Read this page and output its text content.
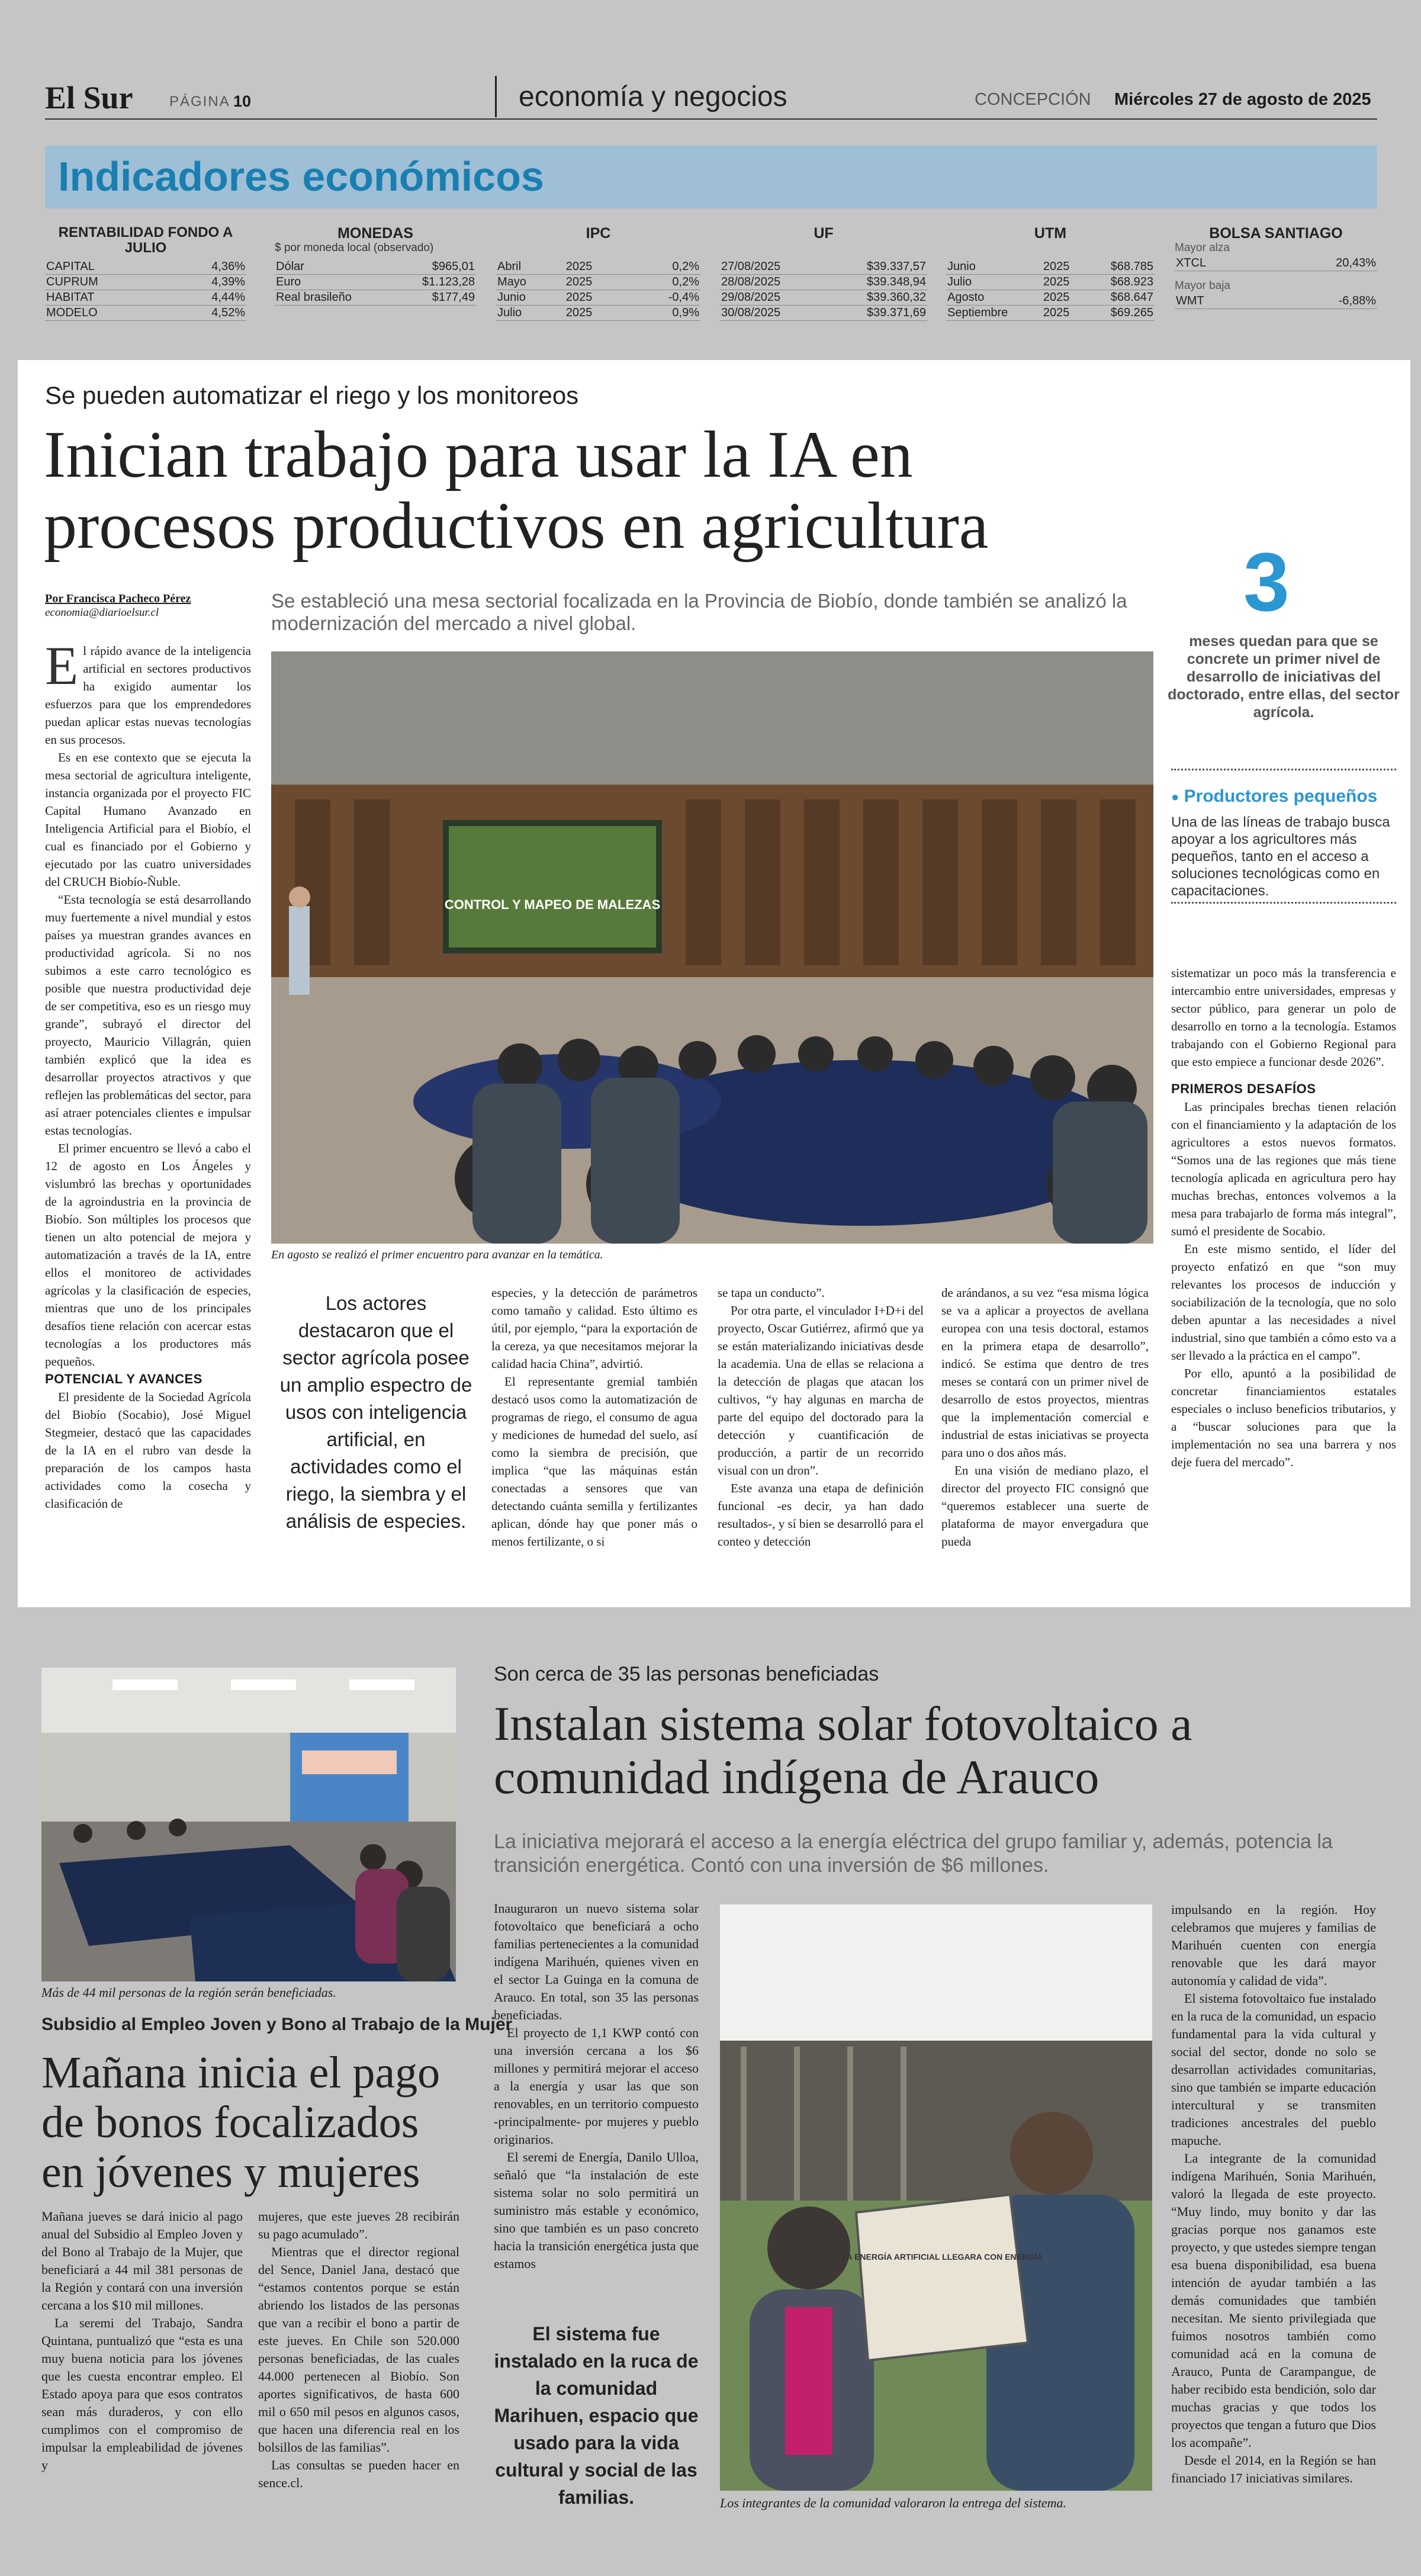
El Sur	PÁGINA 10	economía y negocios	CONCEPCIÓN Miércoles 27 de agosto de 2025
Indicadores económicos
RENTABILIDAD FONDO A JULIO
CAPITAL	4,36%
CUPRUM	4,39%
HABITAT	4,44%
MODELO	4,52%
MONEDAS
$ por moneda local (observado)
Dólar	$965,01
Euro	$1.123,28
Real brasileño	$177,49
IPC
Abril	2025	0,2%
Mayo	2025	0,2%
Junio	2025	-0,4%
Julio	2025	0,9%
UF
27/08/2025	$39.337,57
28/08/2025	$39.348,94
29/08/2025	$39.360,32
30/08/2025	$39.371,69
UTM
Junio	2025	$68.785
Julio	2025	$68.923
Agosto	2025	$68.647
Septiembre	2025	$69.265
BOLSA SANTIAGO
Mayor alza
XTCL	20,43%
Mayor baja
WMT	-6,88%
Se pueden automatizar el riego y los monitoreos
Inician trabajo para usar la IA en
procesos productivos en agricultura
Por Francisca Pacheco Pérez
economia@diarioelsur.cl
Se estableció una mesa sectorial focalizada en la Provincia de Biobío, donde también se analizó la modernización del mercado a nivel global.	3
meses quedan para que se concrete un primer nivel de desarrollo de iniciativas del doctorado, entre ellas, del sector agrícola.
● Productores pequeños
Una de las líneas de trabajo busca apoyar a los agricultores más pequeños, tanto en el acceso a soluciones tecnológicas como en capacitaciones.
CONTROL Y MAPEO DE MALEZAS
En agosto se realizó el primer encuentro para avanzar en la temática.

El rápido avance de la inteligencia artificial en sectores productivos ha exigido aumentar los esfuerzos para que los emprendedores puedan aplicar estas nuevas tecnologías en sus procesos.

Es en ese contexto que se ejecuta la mesa sectorial de agricultura inteligente, instancia organizada por el proyecto FIC Capital Humano Avanzado en Inteligencia Artificial para el Biobío, el cual es financiado por el Gobierno y ejecutado por las cuatro universidades del CRUCH Biobío-Ñuble.

“Esta tecnología se está desarrollando muy fuertemente a nivel mundial y estos países ya muestran grandes avances en productividad agrícola. Si no nos subimos a este carro tecnológico es posible que nuestra productividad deje de ser competitiva, eso es un riesgo muy grande”, subrayó el director del proyecto, Mauricio Villagrán, quien también explicó que la idea es desarrollar proyectos atractivos y que reflejen las problemáticas del sector, para así atraer potenciales clientes e impulsar estas tecnologías.

El primer encuentro se llevó a cabo el 12 de agosto en Los Ángeles y vislumbró las brechas y oportunidades de la agroindustria en la provincia de Biobío. Son múltiples los procesos que tienen un alto potencial de mejora y automatización a través de la IA, entre ellos el monitoreo de actividades agrícolas y la clasificación de especies, mientras que uno de los principales desafíos tiene relación con acercar estas tecnologías a los productores más pequeños.

POTENCIAL Y AVANCES

El presidente de la Sociedad Agrícola del Biobío (Socabio), José Miguel Stegmeier, destacó que las capacidades de la IA en el rubro van desde la preparación de los campos hasta actividades como la cosecha y clasificación de

Los actores destacaron que el sector agrícola posee un amplio espectro de usos con inteligencia artificial, en actividades como el riego, la siembra y el análisis de especies.

especies, y la detección de parámetros como tamaño y calidad. Esto último es útil, por ejemplo, “para la exportación de la cereza, ya que necesitamos mejorar la calidad hacia China”, advirtió.

El representante gremial también destacó usos como la automatización de programas de riego, el consumo de agua y mediciones de humedad del suelo, así como la siembra de precisión, que implica “que las máquinas están conectadas a sensores que van detectando cuánta semilla y fertilizantes aplican, dónde hay que poner más o menos fertilizante, o si

se tapa un conducto”.

Por otra parte, el vinculador I+D+i del proyecto, Oscar Gutiérrez, afirmó que ya se están materializando iniciativas desde la academia. Una de ellas se relaciona a la detección de plagas que atacan los cultivos, “y hay algunas en marcha de parte del equipo del doctorado para la detección y cuantificación de producción, a partir de un recorrido visual con un dron”.

Este avanza una etapa de definición funcional -es decir, ya han dado resultados-, y sí bien se desarrolló para el conteo y detección

de arándanos, a su vez “esa misma lógica se va a aplicar a proyectos de avellana europea con una tesis doctoral, estamos en la primera etapa de desarrollo”, indicó. Se estima que dentro de tres meses se contará con un primer nivel de desarrollo de estos proyectos, mientras que la implementación comercial e industrial de estas iniciativas se proyecta para uno o dos años más.

En una visión de mediano plazo, el director del proyecto FIC consignó que “queremos establecer una suerte de plataforma de mayor envergadura que pueda

sistematizar un poco más la transferencia e intercambio entre universidades, empresas y sector público, para generar un polo de desarrollo en torno a la tecnología. Estamos trabajando con el Gobierno Regional para que esto empiece a funcionar desde 2026”.

PRIMEROS DESAFÍOS

Las principales brechas tienen relación con el financiamiento y la adaptación de los agricultores a estos nuevos formatos. “Somos una de las regiones que más tiene tecnología aplicada en agricultura pero hay muchas brechas, entonces volvemos a la mesa para trabajarlo de forma más integral”, sumó el presidente de Socabio.

En este mismo sentido, el líder del proyecto enfatizó en que “son muy relevantes los procesos de inducción y sociabilización de la tecnología, que no solo deben apuntar a las necesidades a nivel industrial, sino que también a cómo esto va a ser llevado a la práctica en el campo”.

Por ello, apuntó a la posibilidad de concretar financiamientos estatales especiales o incluso beneficios tributarios, y a “buscar soluciones para que la implementación no sea una barrera y nos deje fuera del mercado”.

Más de 44 mil personas de la región serán beneficiadas.
Subsidio al Empleo Joven y Bono al Trabajo de la Mujer
Mañana inicia el pago
de bonos focalizados
en jóvenes y mujeres

Mañana jueves se dará inicio al pago anual del Subsidio al Empleo Joven y del Bono al Trabajo de la Mujer, que beneficiará a 44 mil 381 personas de la Región y contará con una inversión cercana a los $10 mil millones.

La seremi del Trabajo, Sandra Quintana, puntualizó que “esta es una muy buena noticia para los jóvenes que les cuesta encontrar empleo. El Estado apoya para que esos contratos sean más duraderos, y con ello cumplimos con el compromiso de impulsar la empleabilidad de jóvenes y

mujeres, que este jueves 28 recibirán su pago acumulado”.

Mientras que el director regional del Sence, Daniel Jana, destacó que “estamos contentos porque se están abriendo los listados de las personas que van a recibir el bono a partir de este jueves. En Chile son 520.000 personas beneficiadas, de las cuales 44.000 pertenecen al Biobío. Son aportes significativos, de hasta 600 mil o 650 mil pesos en algunos casos, que hacen una diferencia real en los bolsillos de las familias”.

Las consultas se pueden hacer en sence.cl.

Son cerca de 35 las personas beneficiadas
Instalan sistema solar fotovoltaico a
comunidad indígena de Arauco
La iniciativa mejorará el acceso a la energía eléctrica del grupo familiar y, además, potencia la transición energética. Contó con una inversión de $6 millones.

Inauguraron un nuevo sistema solar fotovoltaico que beneficiará a ocho familias pertenecientes a la comunidad indígena Marihuén, quienes viven en el sector La Guinga en la comuna de Arauco. En total, son 35 las personas beneficiadas.

El proyecto de 1,1 KWP contó con una inversión cercana a los $6 millones y permitirá mejorar el acceso a la energía y usar las que son renovables, en un territorio compuesto -principalmente- por mujeres y pueblo originarios.

El seremi de Energía, Danilo Ulloa, señaló que “la instalación de este sistema solar no solo permitirá un suministro más estable y económico, sino que también es un paso concreto hacia la transición energética justa que estamos

El sistema fue instalado en la ruca de la comunidad Marihuen, espacio que usado para la vida cultural y social de las familias.
LA ENERGÍA ARTIFICIAL LLEGARA CON ENERGÍA
Los integrantes de la comunidad valoraron la entrega del sistema.

impulsando en la región. Hoy celebramos que mujeres y familias de Marihuén cuenten con energía renovable que les dará mayor autonomía y calidad de vida”.

El sistema fotovoltaico fue instalado en la ruca de la comunidad, un espacio fundamental para la vida cultural y social del sector, donde no solo se desarrollan actividades comunitarias, sino que también se imparte educación intercultural y se transmiten tradiciones ancestrales del pueblo mapuche.

La integrante de la comunidad indígena Marihuén, Sonia Marihuén, valoró la llegada de este proyecto. “Muy lindo, muy bonito y dar las gracias porque nos ganamos este proyecto, y que ustedes siempre tengan esa buena disponibilidad, esa buena intención de ayudar también a las demás comunidades que también necesitan. Me siento privilegiada que fuimos nosotros también como comunidad acá en la comuna de Arauco, Punta de Carampangue, de haber recibido esta bendición, solo dar muchas gracias y que todos los proyectos que tengan a futuro que Dios los acompañe”.

Desde el 2014, en la Región se han financiado 17 iniciativas similares.
